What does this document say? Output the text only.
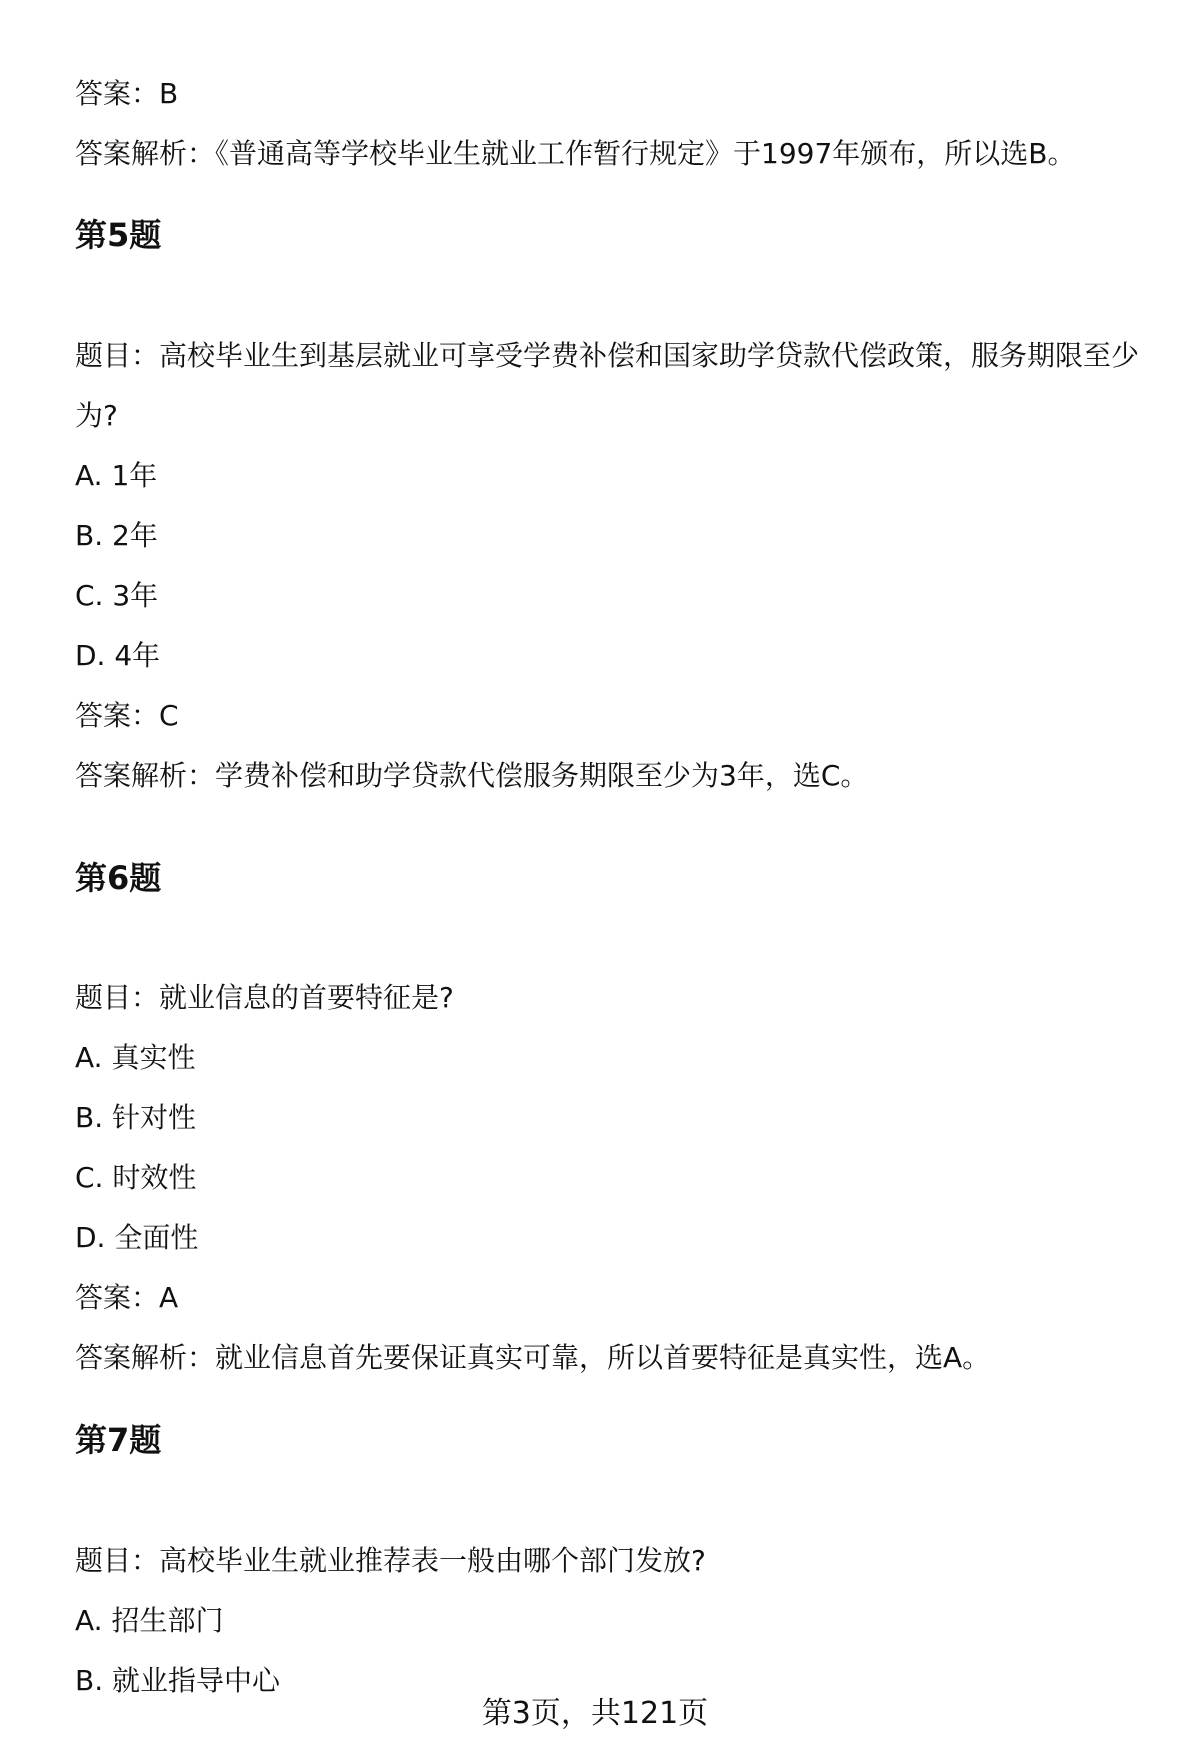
答案：B

答案解析：《普通高等学校毕业生就业工作暂行规定》于1997年颁布，所以选B。

第5题

题目：高校毕业生到基层就业可享受学费补偿和国家助学贷款代偿政策，服务期限至少为?

A. 1年

B. 2年

C. 3年

D. 4年

答案：C

答案解析：学费补偿和助学贷款代偿服务期限至少为3年，选C。

第6题

题目：就业信息的首要特征是?

A. 真实性

B. 针对性

C. 时效性

D. 全面性

答案：A

答案解析：就业信息首先要保证真实可靠，所以首要特征是真实性，选A。

第7题

题目：高校毕业生就业推荐表一般由哪个部门发放?

A. 招生部门

B. 就业指导中心

第3页，共121页
